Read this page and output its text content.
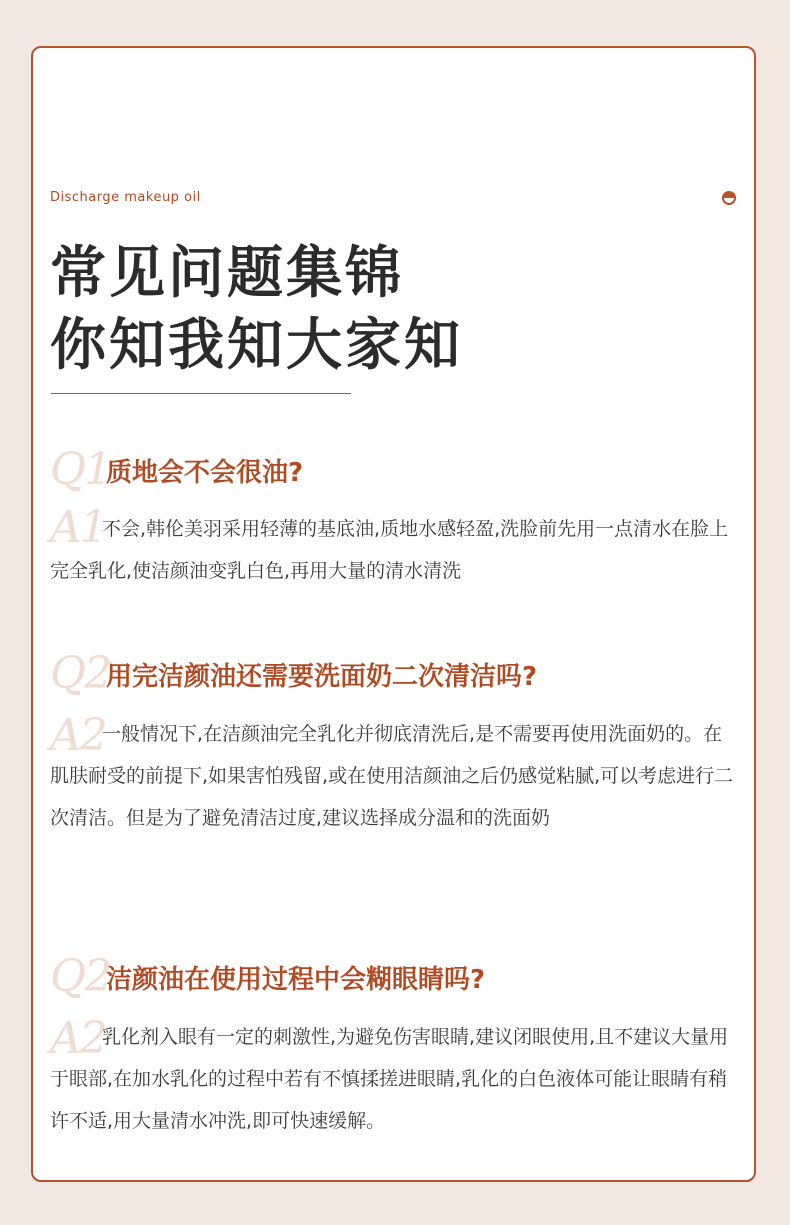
Discharge makeup oil
常见问题集锦
你知我知大家知
Q1
质地会不会很油?
A1
不会,韩伦美羽采用轻薄的基底油,质地水感轻盈,洗脸前先用一点清水在脸上完全乳化,使洁颜油变乳白色,再用大量的清水清洗
Q2
用完洁颜油还需要洗面奶二次清洁吗?
A2
一般情况下,在洁颜油完全乳化并彻底清洗后,是不需要再使用洗面奶的。在肌肤耐受的前提下,如果害怕残留,或在使用洁颜油之后仍感觉粘腻,可以考虑进行二次清洁。但是为了避免清洁过度,建议选择成分温和的洗面奶
Q2
洁颜油在使用过程中会糊眼睛吗?
A2
乳化剂入眼有一定的刺激性,为避免伤害眼睛,建议闭眼使用,且不建议大量用于眼部,在加水乳化的过程中若有不慎揉搓进眼睛,乳化的白色液体可能让眼睛有稍许不适,用大量清水冲洗,即可快速缓解。
